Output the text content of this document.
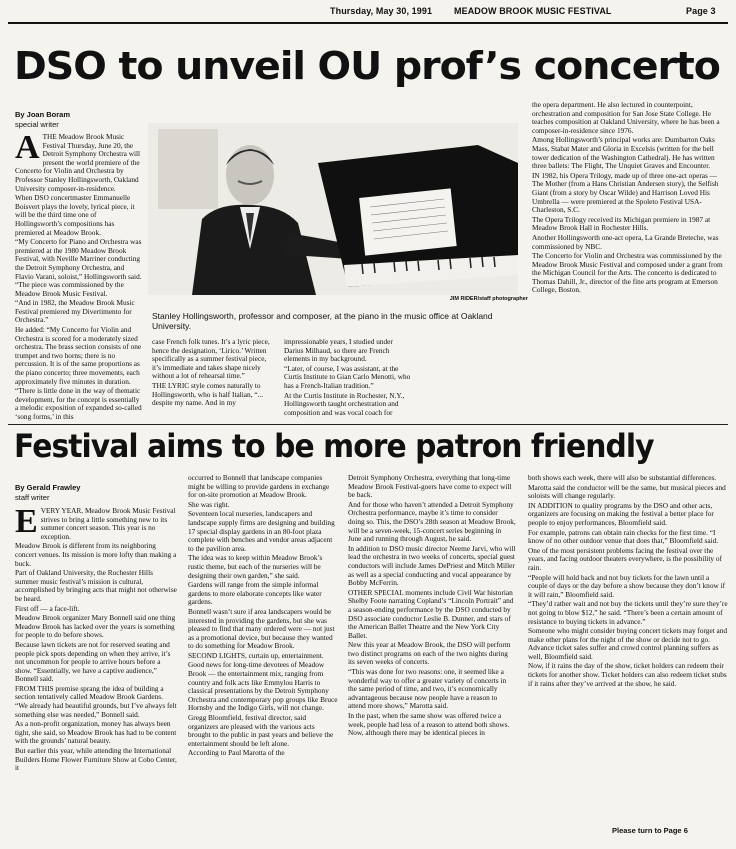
Thursday, May 30, 1991 MEADOW BROOK MUSIC FESTIVAL	Page 3
DSO to unveil OU prof’s concerto
By Joan Boram
special writer
A THE Meadow Brook Music Festival Thursday, June 20, the Detroit Symphony Orchestra will present the world premiere of the Concerto for Violin and Orchestra by Professor Stanley Hollingsworth, Oakland University composer-in-residence.

When DSO concertmaster Emmanuelle Boisvert plays the lovely, lyrical piece, it will be the third time one of Hollingsworth’s compositions has premiered at Meadow Brook.

“My Concerto for Piano and Orchestra was premiered at the 1980 Meadow Brook Festival, with Neville Marriner conducting the Detroit Symphony Orchestra, and Flavio Varani, soloist,” Hollingsworth said. “The piece was commissioned by the Meadow Brook Music Festival.

“And in 1982, the Meadow Brook Music Festival premiered my Divertimento for Orchestra.”

He added: “My Concerto for Violin and Orchestra is scored for a moderately sized orchestra. The brass section consists of one trumpet and two horns; there is no percussion. It is of the same proportions as the piano concerto; three movements, each approximately five minutes in duration.

“There is little done in the way of thematic development, for the concept is essentially a melodic exposition of expanded so-called ‘song forms,’ in this

JIM RIDER/staff photographer
Stanley Hollingsworth, professor and composer, at the piano in the music office at Oakland University.

case French folk tunes. It’s a lyric piece, hence the designation, ‘Lirico.’ Written specifically as a summer festival piece, it’s immediate and takes shape nicely without a lot of rehearsal time.”

THE LYRIC style comes naturally to Hollingsworth, who is half Italian, “... despite my name. And in my

impressionable years, I studied under Darius Milhaud, so there are French elements in my background.

“Later, of course, I was assistant, at the Curtis Institute to Gian Carlo Menotti, who has a French-Italian tradition.”

At the Curtis Institute in Rochester, N.Y., Hollingsworth taught orchestration and composition and was vocal coach for

the opera department. He also lectured in counterpoint, orchestration and composition for San Jose State College. He teaches composition at Oakland University, where he has been a composer-in-residence since 1976.

Among Hollingsworth’s principal works are: Dumbarton Oaks Mass, Stabat Mater and Gloria in Excelsis (written for the bell tower dedication of the Washington Cathedral). He has written three ballets: The Flight, The Unquiet Graves and Encounter.

IN 1982, his Opera Trilogy, made up of three one-act operas — The Mother (from a Hans Christian Andersen story), the Selfish Giant (from a story by Oscar Wilde) and Harrison Loved His Umbrella — were premiered at the Spoleto Festival USA-Charleston, S.C.

The Opera Trilogy received its Michigan premiere in 1987 at Meadow Brook Hall in Rochester Hills.

Another Hollingsworth one-act opera, La Grande Breteche, was commissioned by NBC.

The Concerto for Violin and Orchestra was commissioned by the Meadow Brook Music Festival and composed under a grant from the Michigan Council for the Arts. The concerto is dedicated to Thomas Dahill, Jr., director of the fine arts program at Emerson College, Boston.

Festival aims to be more patron friendly
By Gerald Frawley
staff writer
E VERY YEAR, Meadow Brook Music Festival strives to bring a little something new to its summer concert season. This year is no exception.

Meadow Brook is different from its neighboring concert venues. Its mission is more lofty than making a buck.

Part of Oakland University, the Rochester Hills summer music festival’s mission is cultural, accomplished by bringing acts that might not otherwise be heard.

First off — a face-lift.

Meadow Brook organizer Mary Bonnell said one thing Meadow Brook has lacked over the years is something for people to do before shows.

Because lawn tickets are not for reserved seating and people pick spots depending on when they arrive, it’s not uncommon for people to arrive hours before a show. “Essentially, we have a captive audience,” Bonnell said.

FROM THIS premise sprang the idea of building a section tentatively called Meadow Brook Gardens. “We already had beautiful grounds, but I’ve always felt something else was needed,” Bonnell said.

As a non-profit organization, money has always been tight, she said, so Meadow Brook has had to be content with the grounds’ natural beauty.

But earlier this year, while attending the International Builders Home Flower Furniture Show at Cobo Center, it

occurred to Bonnell that landscape companies might be willing to provide gardens in exchange for on-site promotion at Meadow Brook.

She was right.

Seventeen local nurseries, landscapers and landscape supply firms are designing and building 17 special display gardens in an 80-foot plaza complete with benches and vendor areas adjacent to the pavilion area.

The idea was to keep within Meadow Brook’s rustic theme, but each of the nurseries will be designing their own garden,” she said.

Gardens will range from the simple informal gardens to more elaborate concepts like water gardens.

Bonnell wasn’t sure if area landscapers would be interested in providing the gardens, but she was pleased to find that many ordered were — not just as a promotional device, but because they wanted to do something for Meadow Brook.

SECOND LIGHTS, curtain up, entertainment.

Good news for long-time devotees of Meadow Brook — the entertainment mix, ranging from country and folk acts like Emmylou Harris to classical presentations by the Detroit Symphony Orchestra and contemporary pop groups like Bruce Hornsby and the Indigo Girls, will not change.

Gregg Bloomfield, festival director, said organizers are pleased with the various acts brought to the public in past years and believe the entertainment should be left alone.

According to Paul Marotta of the

Detroit Symphony Orchestra, everything that long-time Meadow Brook Festival-goers have come to expect will be back.

And for those who haven’t attended a Detroit Symphony Orchestra performance, maybe it’s time to consider doing so. This, the DSO’s 28th season at Meadow Brook, will be a seven-week, 15-concert series beginning in June and running through August, he said.

In addition to DSO music director Neeme Jarvi, who will lead the orchestra in two weeks of concerts, special guest conductors will include James DePriest and Mitch Miller as well as a special conducting and vocal appearance by Bobby McFerrin.

OTHER SPECIAL moments include Civil War historian Shelby Foote narrating Copland’s “Lincoln Portrait” and a season-ending performance by the DSO conducted by DSO associate conductor Leslie B. Dunner, and stars of the American Ballet Theatre and the New York City Ballet.

New this year at Meadow Brook, the DSO will perform two distinct programs on each of the two nights during its seven weeks of concerts.

“This was done for two reasons: one, it seemed like a wonderful way to offer a greater variety of concerts in the same period of time, and two, it’s economically advantageous because now people have a reason to attend more shows,” Marotta said.

In the past, when the same show was offered twice a week, people had less of a reason to attend both shows. Now, although there may be identical pieces in

both shows each week, there will also be substantial differences.

Marotta said the conductor will be the same, but musical pieces and soloists will change regularly.

IN ADDITION to quality programs by the DSO and other acts, organizers are focusing on making the festival a better place for people to enjoy performances, Bloomfield said.

For example, patrons can obtain rain checks for the first time. “I know of no other outdoor venue that does that,” Bloomfield said.

One of the most persistent problems facing the festival over the years, and facing outdoor theaters everywhere, is the possibility of rain.

“People will hold back and not buy tickets for the lawn until a couple of days or the day before a show because they don’t know if it will rain,” Bloomfield said.

“They’d rather wait and not buy the tickets until they’re sure they’re not going to blow $12,” he said. “There’s been a certain amount of resistance to buying tickets in advance.”

Someone who might consider buying concert tickets may forget and make other plans for the night of the show or decide not to go. Advance ticket sales suffer and crowd control planning suffers as well, Bloomfield said.

Now, if it rains the day of the show, ticket holders can redeem their tickets for another show. Ticket holders can also redeem ticket stubs if it rains after they’ve arrived at the show, he said.

Please turn to Page 6
